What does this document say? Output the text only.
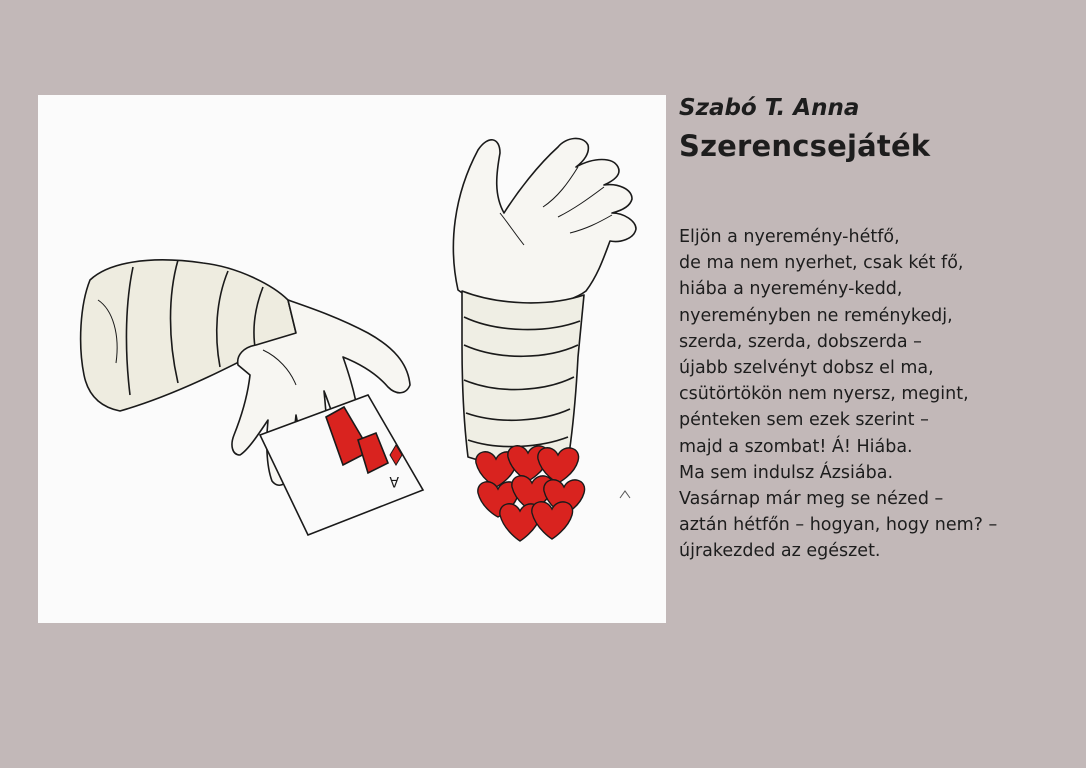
A

Szabó T. Anna

Szerencsejáték

Eljön a nyeremény-hétfő,
de ma nem nyerhet, csak két fő,
hiába a nyeremény-kedd,
nyereményben ne reménykedj,
szerda, szerda, dobszerda –
újabb szelvényt dobsz el ma,
csütörtökön nem nyersz, megint,
pénteken sem ezek szerint –
majd a szombat! Á! Hiába.
Ma sem indulsz Ázsiába.
Vasárnap már meg se nézed –
aztán hétfőn – hogyan, hogy nem? –
újrakezded az egészet.
